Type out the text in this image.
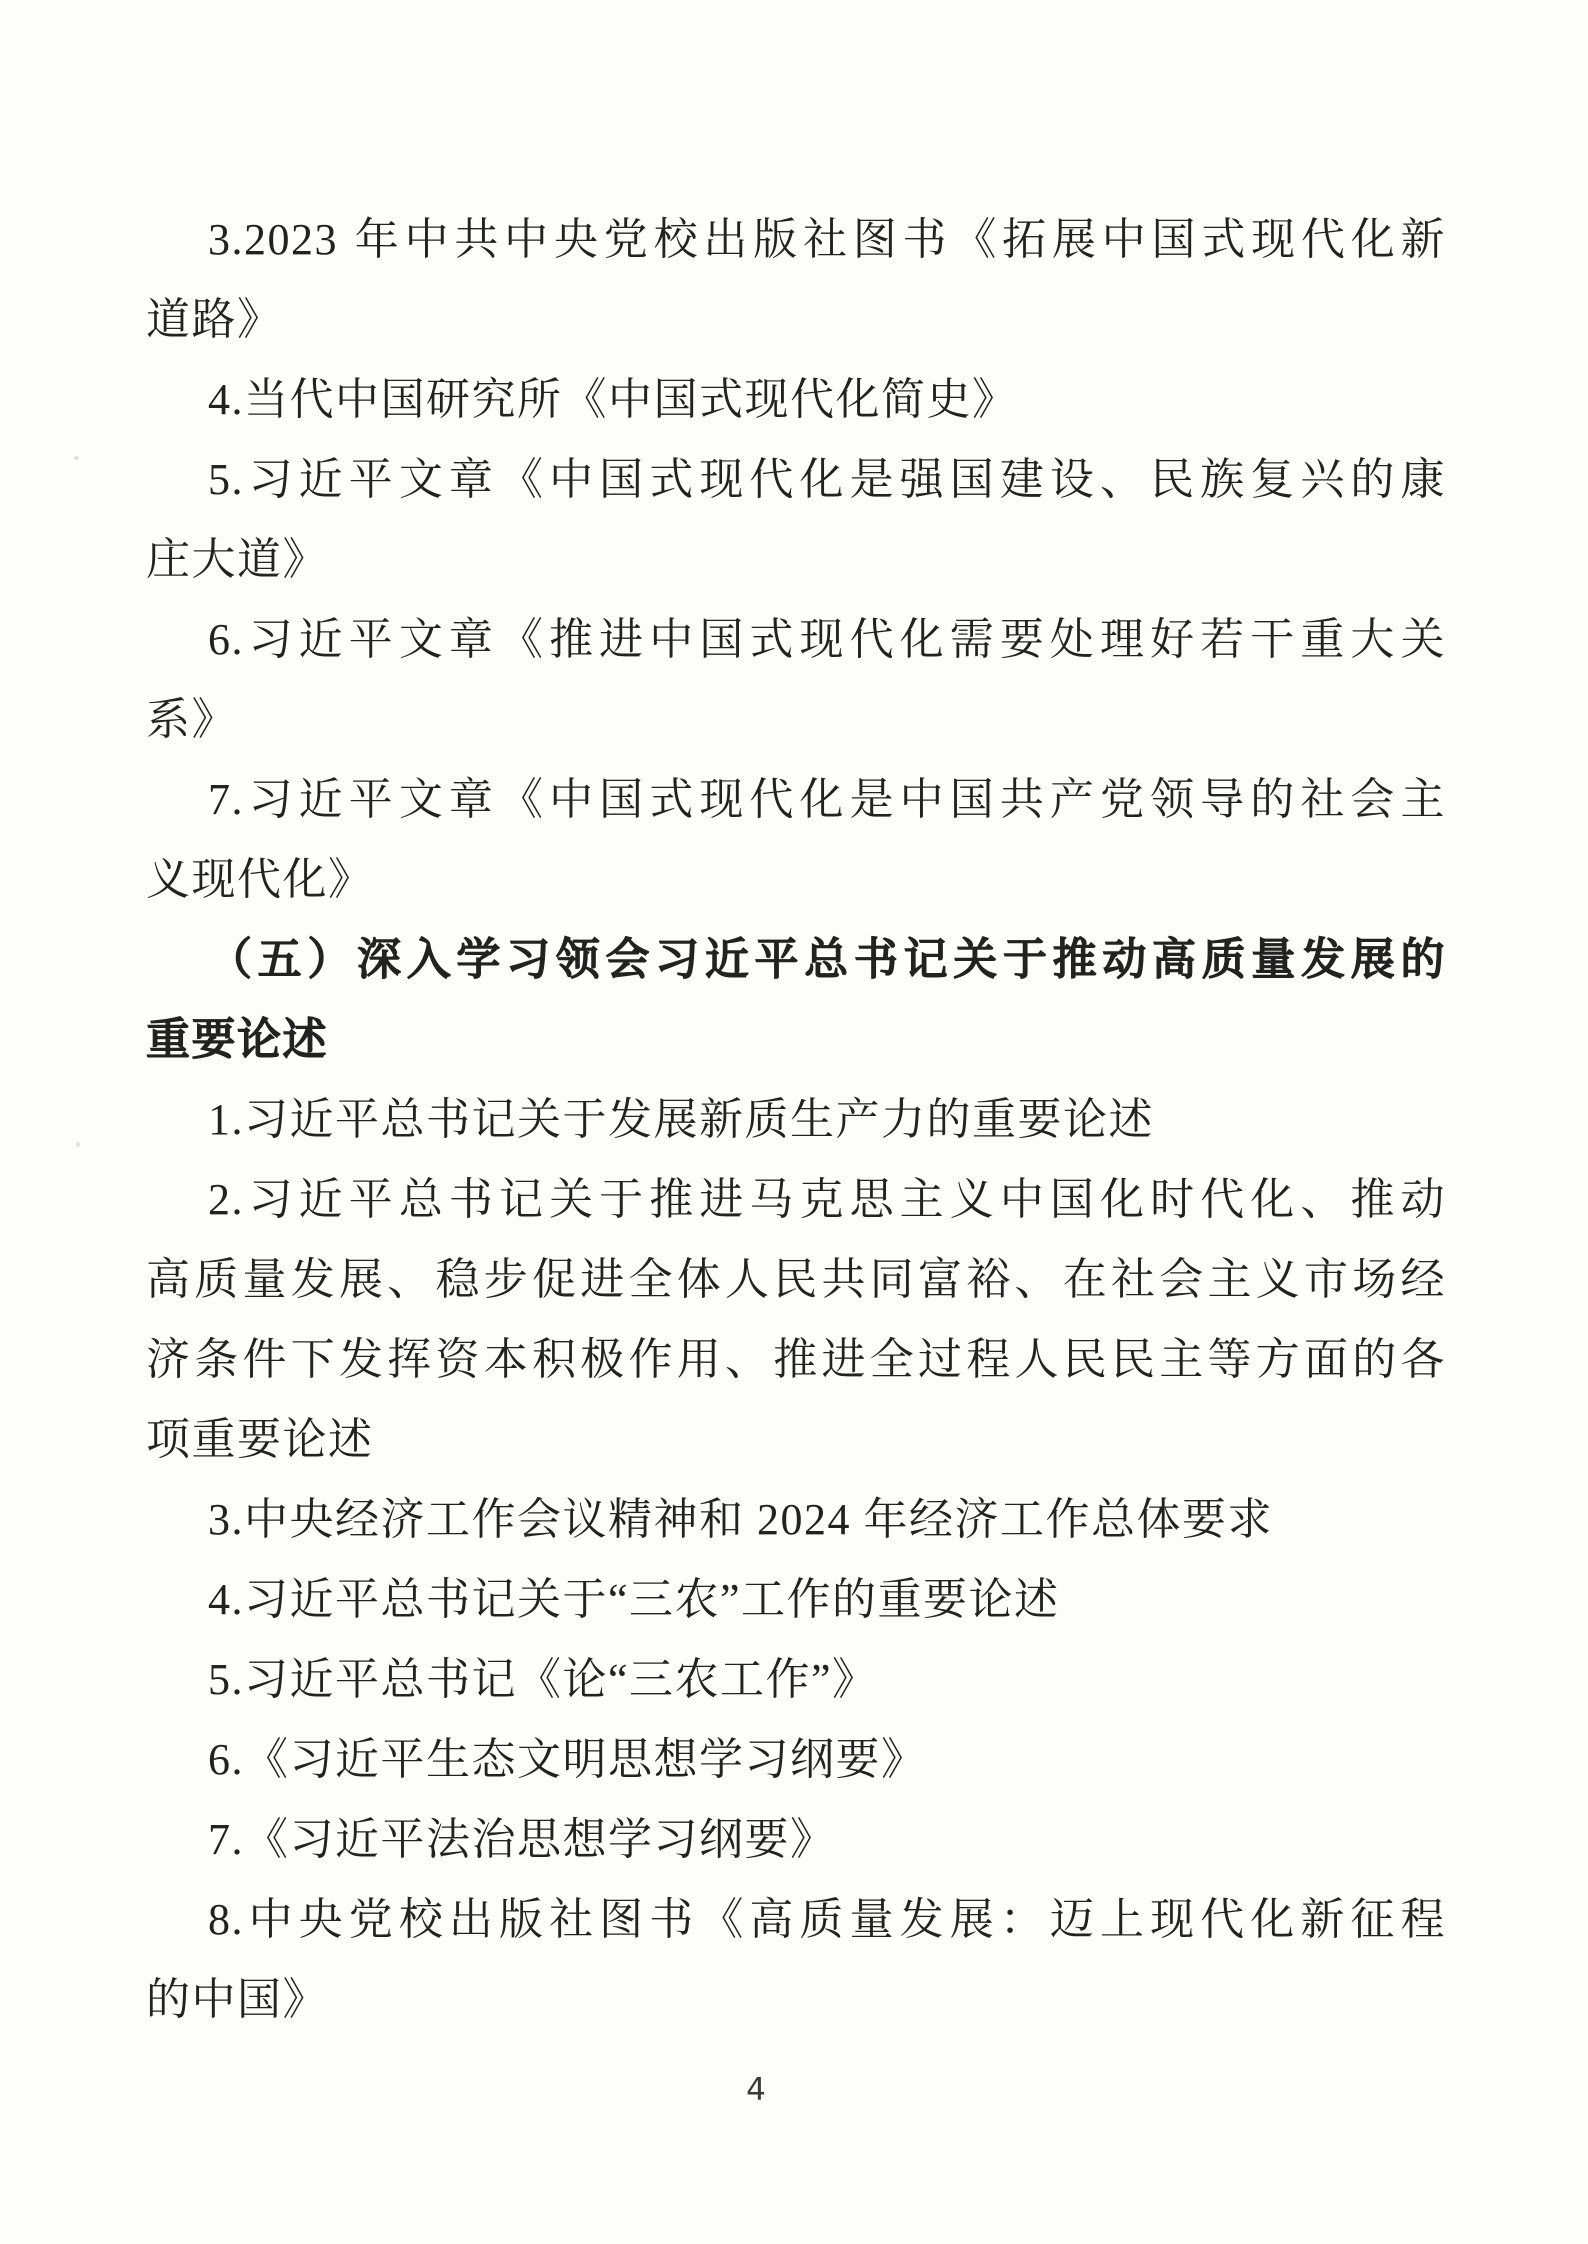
3.2023 年中共中央党校出版社图书《拓展中国式现代化新
道路》
4.当代中国研究所《中国式现代化简史》
5.习近平文章《中国式现代化是强国建设、民族复兴的康
庄大道》
6.习近平文章《推进中国式现代化需要处理好若干重大关
系》
7.习近平文章《中国式现代化是中国共产党领导的社会主
义现代化》
（五）深入学习领会习近平总书记关于推动高质量发展的
重要论述
1.习近平总书记关于发展新质生产力的重要论述
2.习近平总书记关于推进马克思主义中国化时代化、推动
高质量发展、稳步促进全体人民共同富裕、在社会主义市场经
济条件下发挥资本积极作用、推进全过程人民民主等方面的各
项重要论述
3.中央经济工作会议精神和 2024 年经济工作总体要求
4.习近平总书记关于“三农”工作的重要论述
5.习近平总书记《论“三农工作”》
6.《习近平生态文明思想学习纲要》
7.《习近平法治思想学习纲要》
8.中央党校出版社图书《高质量发展：迈上现代化新征程
的中国》
4
